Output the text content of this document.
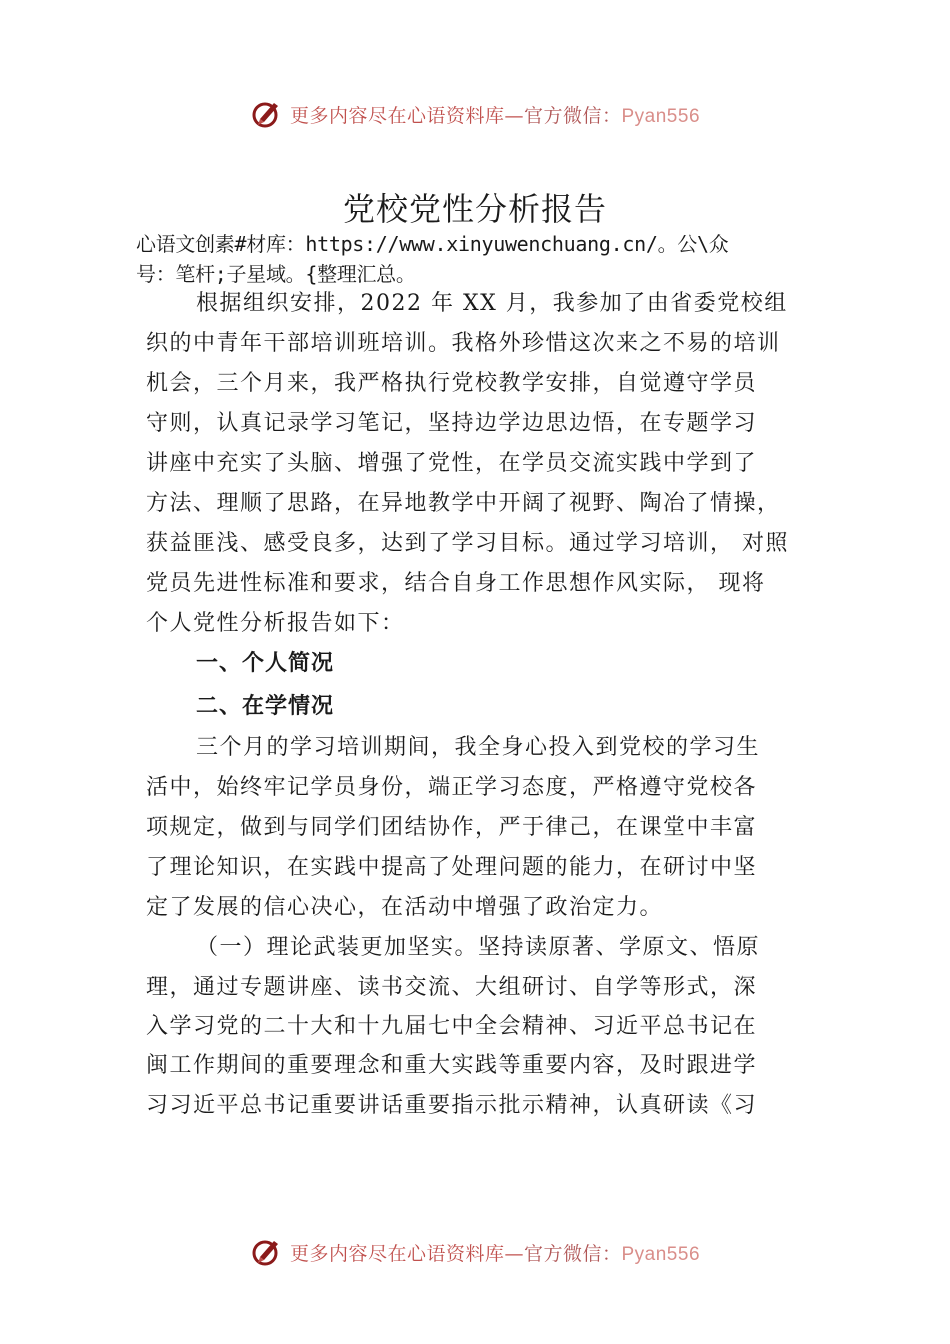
更多内容尽在心语资料库—官方微信：Pyan556
党校党性分析报告
心语文创素#材库：https://www.xinyuwenchuang.cn/。公\众
号：笔杆;子星域。{整理汇总。
根据组织安排，2022 年 XX 月，我参加了由省委党校组
织的中青年干部培训班培训。我格外珍惜这次来之不易的培训
机会，三个月来，我严格执行党校教学安排，自觉遵守学员
守则，认真记录学习笔记，坚持边学边思边悟，在专题学习
讲座中充实了头脑、增强了党性，在学员交流实践中学到了
方法、理顺了思路，在异地教学中开阔了视野、陶冶了情操，
获益匪浅、感受良多，达到了学习目标。通过学习培训， 对照
党员先进性标准和要求，结合自身工作思想作风实际， 现将
个人党性分析报告如下：
一、个人简况
二、在学情况
三个月的学习培训期间，我全身心投入到党校的学习生
活中，始终牢记学员身份，端正学习态度，严格遵守党校各
项规定，做到与同学们团结协作，严于律己，在课堂中丰富
了理论知识，在实践中提高了处理问题的能力，在研讨中坚
定了发展的信心决心，在活动中增强了政治定力。
（一）理论武装更加坚实。坚持读原著、学原文、悟原
理，通过专题讲座、读书交流、大组研讨、自学等形式，深
入学习党的二十大和十九届七中全会精神、习近平总书记在
闽工作期间的重要理念和重大实践等重要内容，及时跟进学
习习近平总书记重要讲话重要指示批示精神，认真研读《习
更多内容尽在心语资料库—官方微信：Pyan556
